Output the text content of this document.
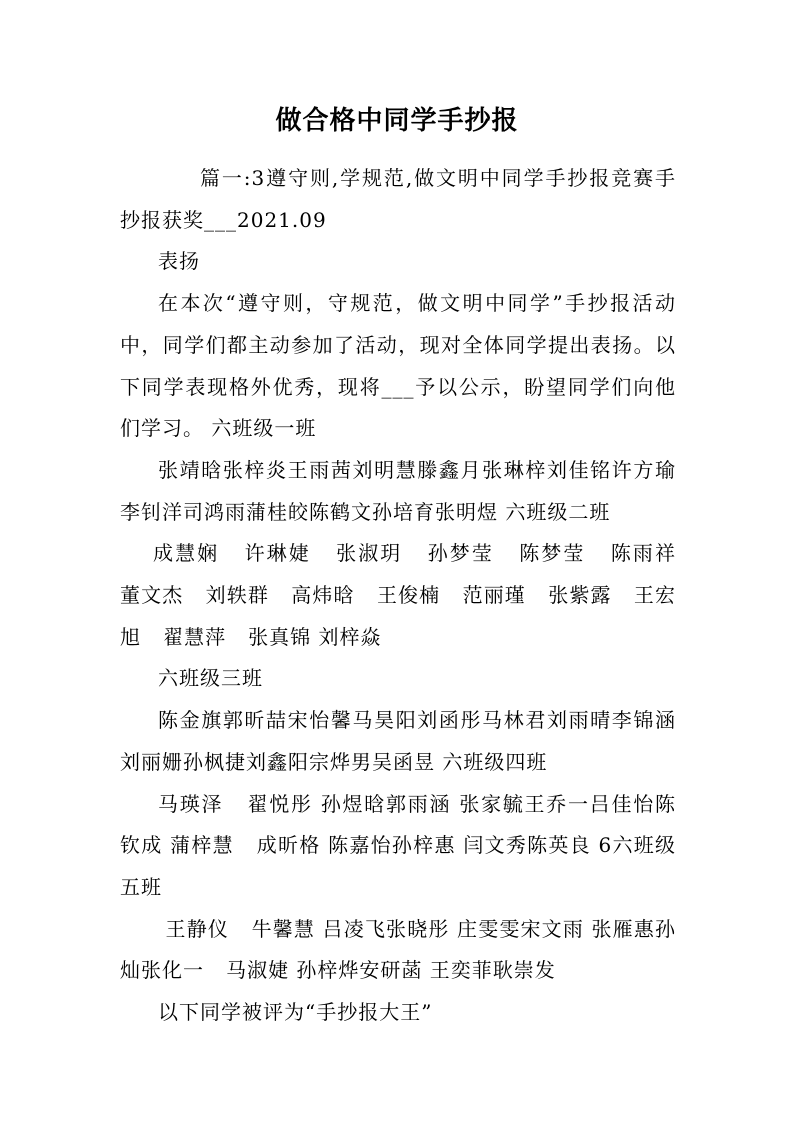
做合格中同学手抄报

篇一:3遵守则,学规范,做文明中同学手抄报竞赛手抄报获奖___2021.09

表扬

在本次“遵守则，守规范，做文明中同学”手抄报活动中，同学们都主动参加了活动，现对全体同学提出表扬。以下同学表现格外优秀，现将___予以公示，盼望同学们向他们学习。 六班级一班

张靖晗张梓炎王雨茜刘明慧滕鑫月张琳梓刘佳铭许方瑜李钊洋司鸿雨蒲桂皎陈鹤文孙培育张明煜 六班级二班

成慧娴   许琳婕   张淑玥   孙梦莹   陈梦莹   陈雨祥  董文杰   刘轶群   高炜晗   王俊楠   范丽瑾   张紫露   王宏旭   翟慧萍   张真锦 刘梓焱

六班级三班

陈金旗郭昕喆宋怡馨马昊阳刘函彤马林君刘雨晴李锦涵刘丽姗孙枫捷刘鑫阳宗烨男吴函昱 六班级四班

马瑛泽   翟悦彤 孙煜晗郭雨涵 张家毓王乔一吕佳怡陈钦成 蒲梓慧   成昕格 陈嘉怡孙梓惠 闫文秀陈英良 6六班级五班

王静仪   牛馨慧 吕凌飞张晓彤 庄雯雯宋文雨 张雁惠孙灿张化一   马淑婕 孙梓烨安研菡 王奕菲耿崇发

以下同学被评为“手抄报大王”
